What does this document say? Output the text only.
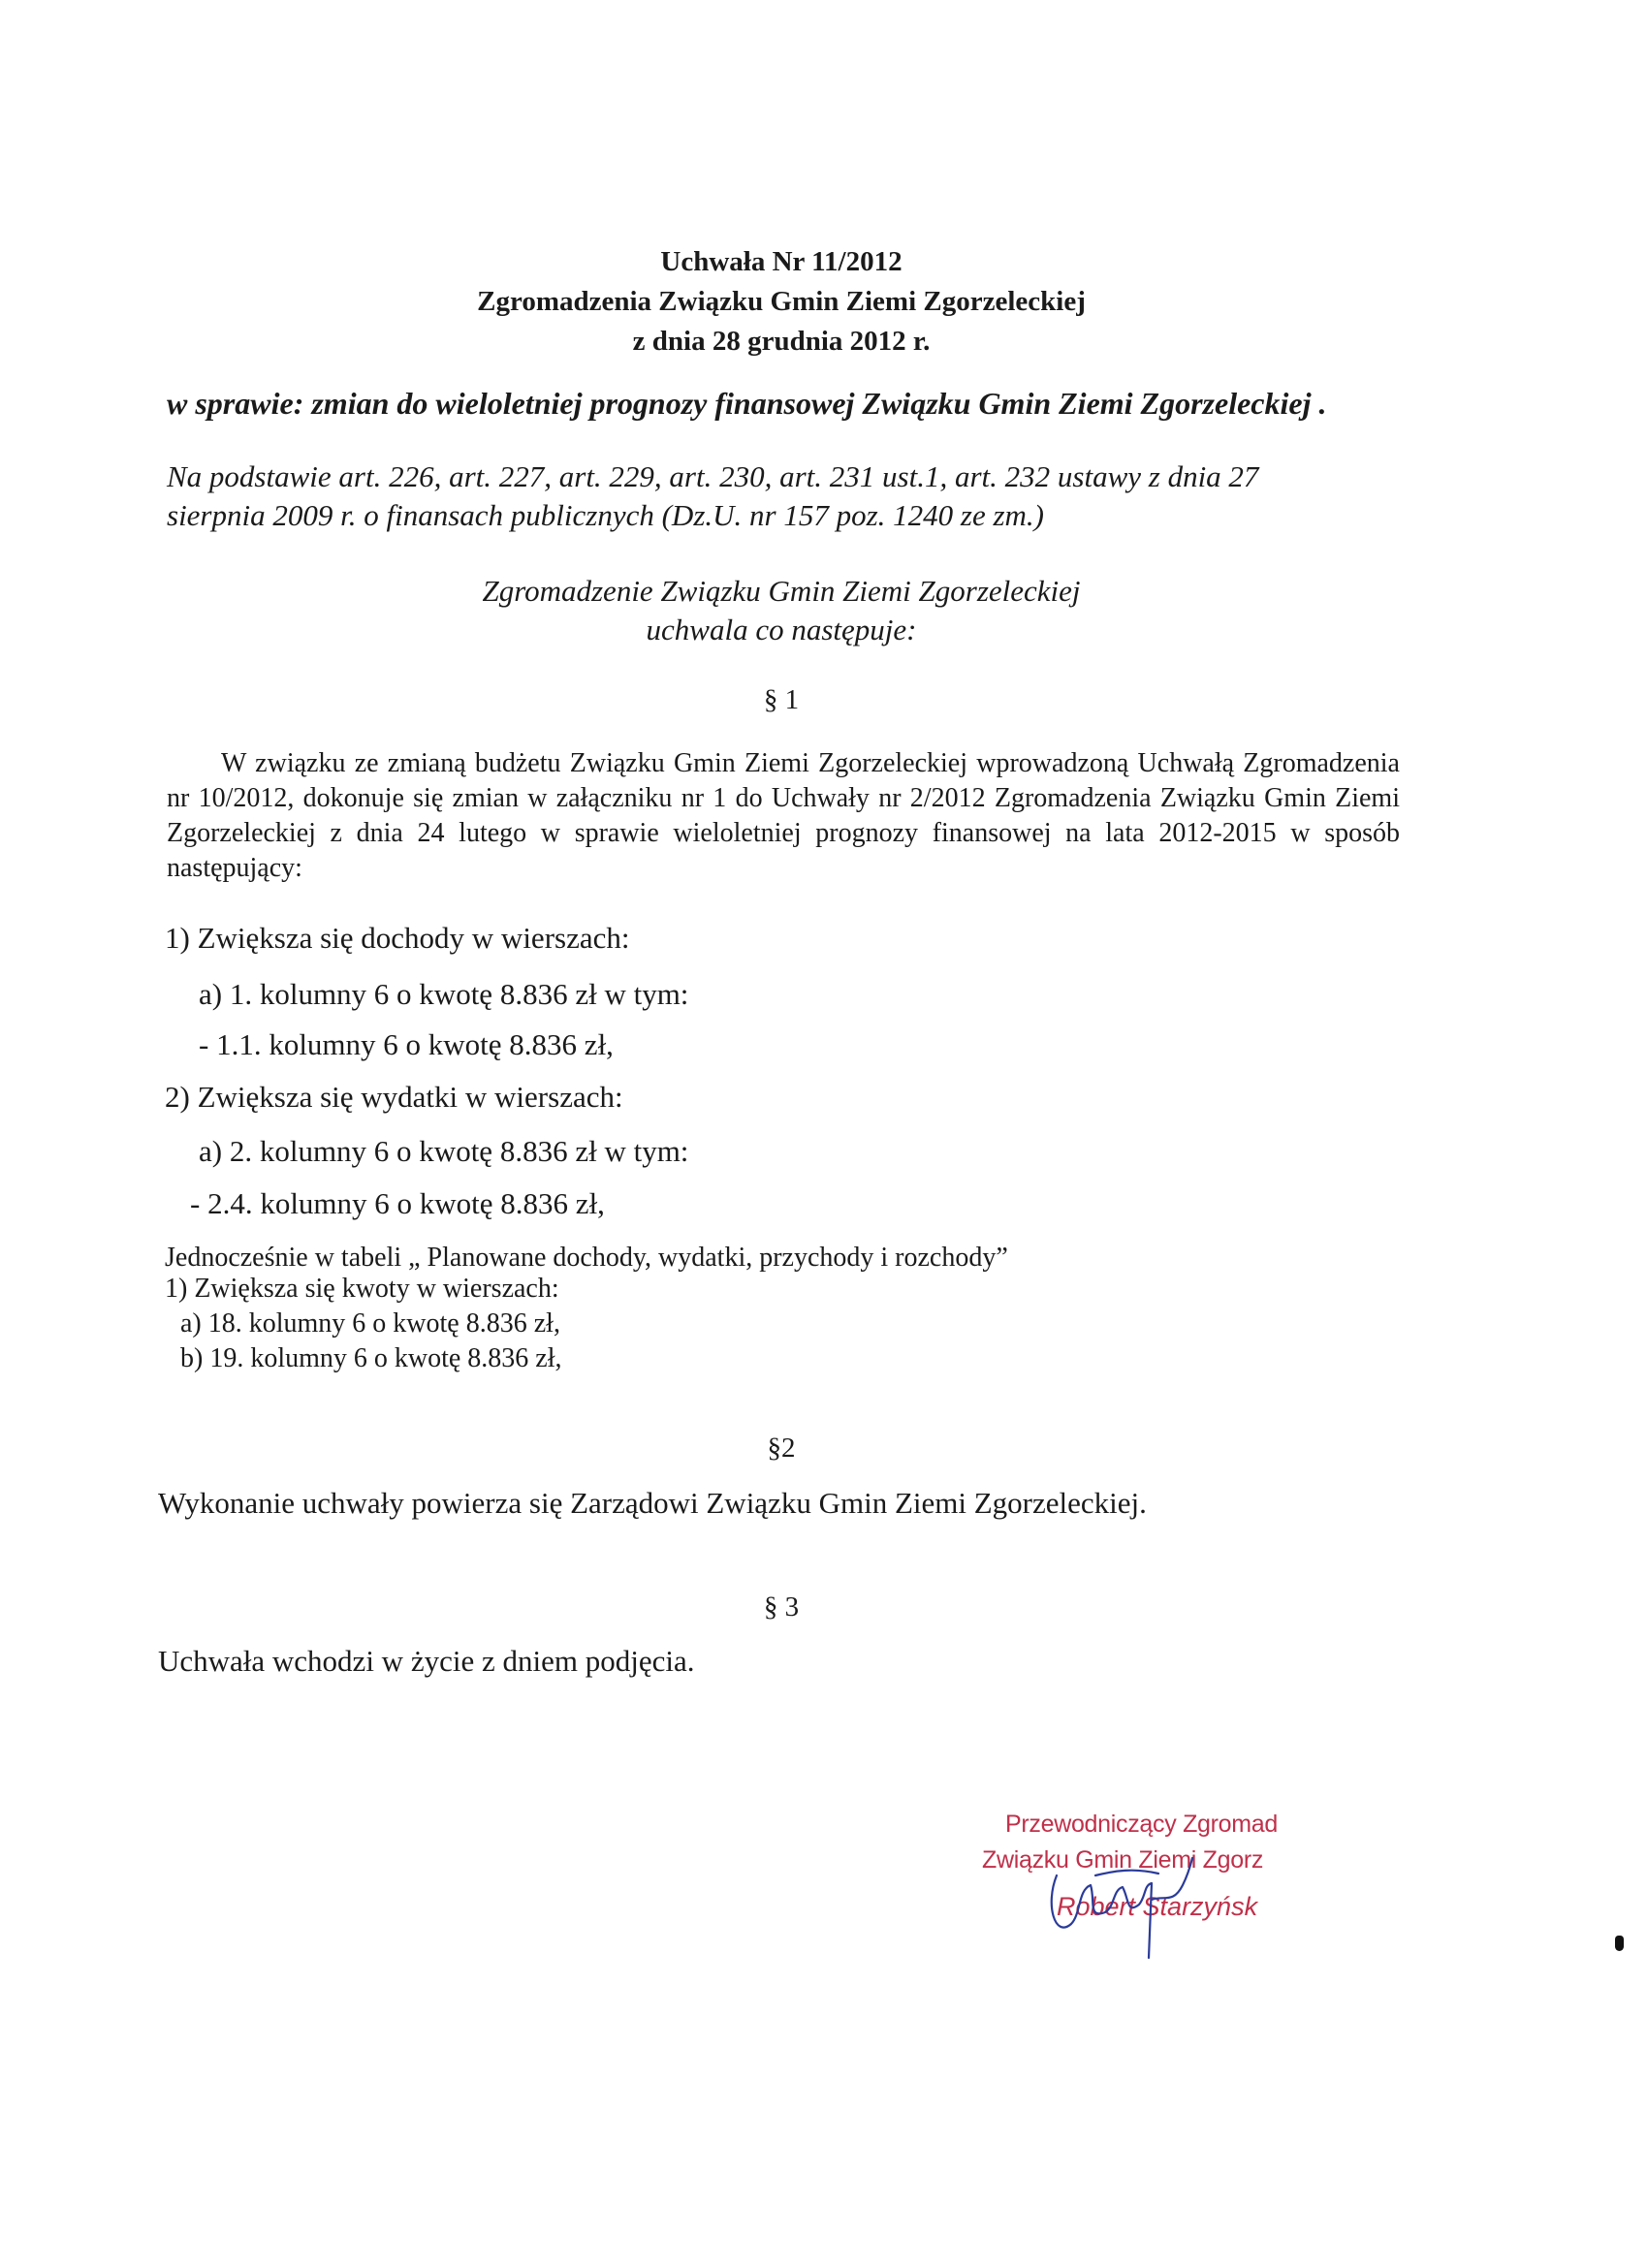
Uchwała Nr 11/2012
Zgromadzenia Związku Gmin Ziemi Zgorzeleckiej
z dnia 28 grudnia 2012 r.
w sprawie: zmian do wieloletniej prognozy finansowej Związku Gmin Ziemi Zgorzeleckiej .
Na podstawie art. 226, art. 227, art. 229, art. 230, art. 231 ust.1, art. 232 ustawy z dnia 27
sierpnia 2009 r. o finansach publicznych (Dz.U. nr 157 poz. 1240 ze zm.)
Zgromadzenie Związku Gmin Ziemi Zgorzeleckiej
uchwala co następuje:
§ 1
W związku ze zmianą budżetu Związku Gmin Ziemi Zgorzeleckiej wprowadzoną Uchwałą Zgromadzenia nr 10/2012, dokonuje się zmian w załączniku nr 1 do Uchwały nr 2/2012 Zgromadzenia Związku Gmin Ziemi Zgorzeleckiej z dnia 24 lutego w sprawie wieloletniej prognozy finansowej na lata 2012-2015 w sposób następujący:
1) Zwiększa się dochody w wierszach:
a) 1. kolumny 6 o kwotę 8.836 zł w tym:
- 1.1. kolumny 6 o kwotę 8.836 zł,
2) Zwiększa się wydatki w wierszach:
a) 2. kolumny 6 o kwotę 8.836 zł w tym:
- 2.4. kolumny 6 o kwotę 8.836 zł,
Jednocześnie w tabeli „ Planowane dochody, wydatki, przychody i rozchody”
1) Zwiększa się kwoty w wierszach:
a) 18. kolumny 6 o kwotę 8.836 zł,
b) 19. kolumny 6 o kwotę 8.836 zł,
§2
Wykonanie uchwały powierza się Zarządowi Związku Gmin Ziemi Zgorzeleckiej.
§ 3
Uchwała wchodzi w życie z dniem podjęcia.
Przewodniczący Zgromad
Związku Gmin Ziemi Zgorz
Robert Starzyńsk
